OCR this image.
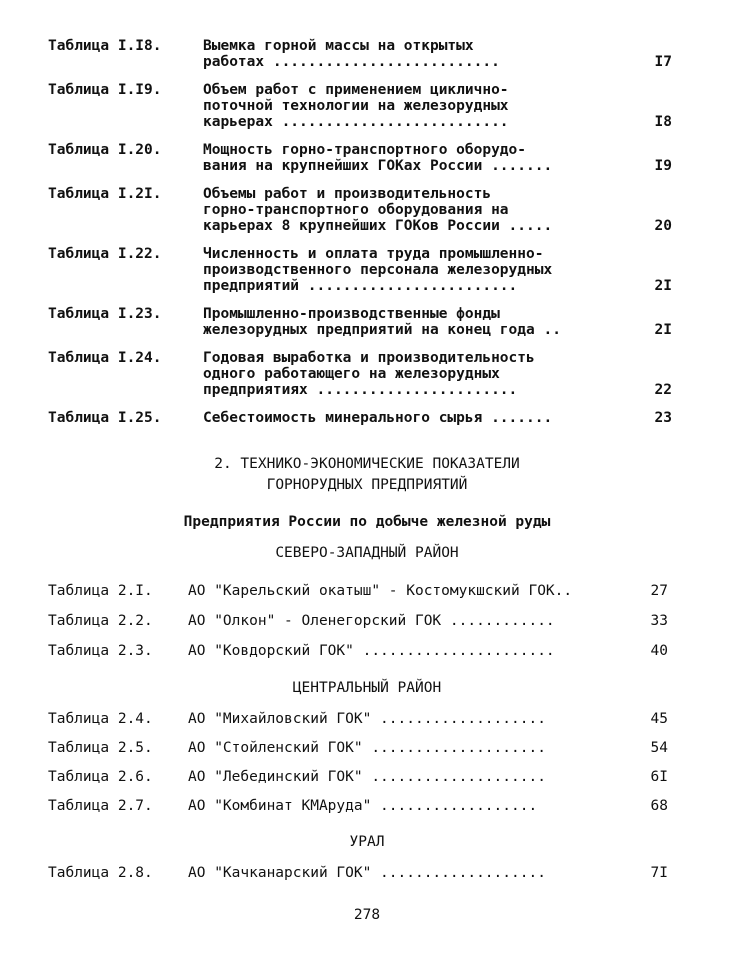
Таблица I.I8.	Выемка горной массы на открытых
работах ..........................	I7
Таблица I.I9.	Объем работ с применением циклично-
поточной технологии на железорудных
карьерах ..........................	I8
Таблица I.20.	Мощность горно-транспортного оборудо-
вания на крупнейших ГОКах России .......	I9
Таблица I.2I.	Объемы работ и производительность
горно-транспортного оборудования на
карьерах 8 крупнейших ГОКов России .....	20
Таблица I.22.	Численность и оплата труда промышленно-
производственного персонала железорудных
предприятий ........................	2I
Таблица I.23.	Промышленно-производственные фонды
железорудных предприятий на конец года ..	2I
Таблица I.24.	Годовая выработка и производительность
одного работающего на железорудных
предприятиях .......................	22
Таблица I.25.	Себестоимость минерального сырья .......	23
2. ТЕХНИКО-ЭКОНОМИЧЕСКИЕ ПОКАЗАТЕЛИ
ГОРНОРУДНЫХ ПРЕДПРИЯТИЙ
Предприятия России по добыче железной руды
СЕВЕРО-ЗАПАДНЫЙ РАЙОН
Таблица 2.I. АО "Карельский окатыш" - Костомукшский ГОК..	27
Таблица 2.2. АО "Олкон" - Оленегорский ГОК ............	33
Таблица 2.3. АО "Ковдорский ГОК" ......................	40
ЦЕНТРАЛЬНЫЙ РАЙОН
Таблица 2.4. АО "Михайловский ГОК" ...................	45
Таблица 2.5. АО "Стойленский ГОК" ....................	54
Таблица 2.6. АО "Лебединский ГОК" ....................	6I
Таблица 2.7. АО "Комбинат КМАруда" ..................	68
УРАЛ
Таблица 2.8. АО "Качканарский ГОК" ...................	7I
278
